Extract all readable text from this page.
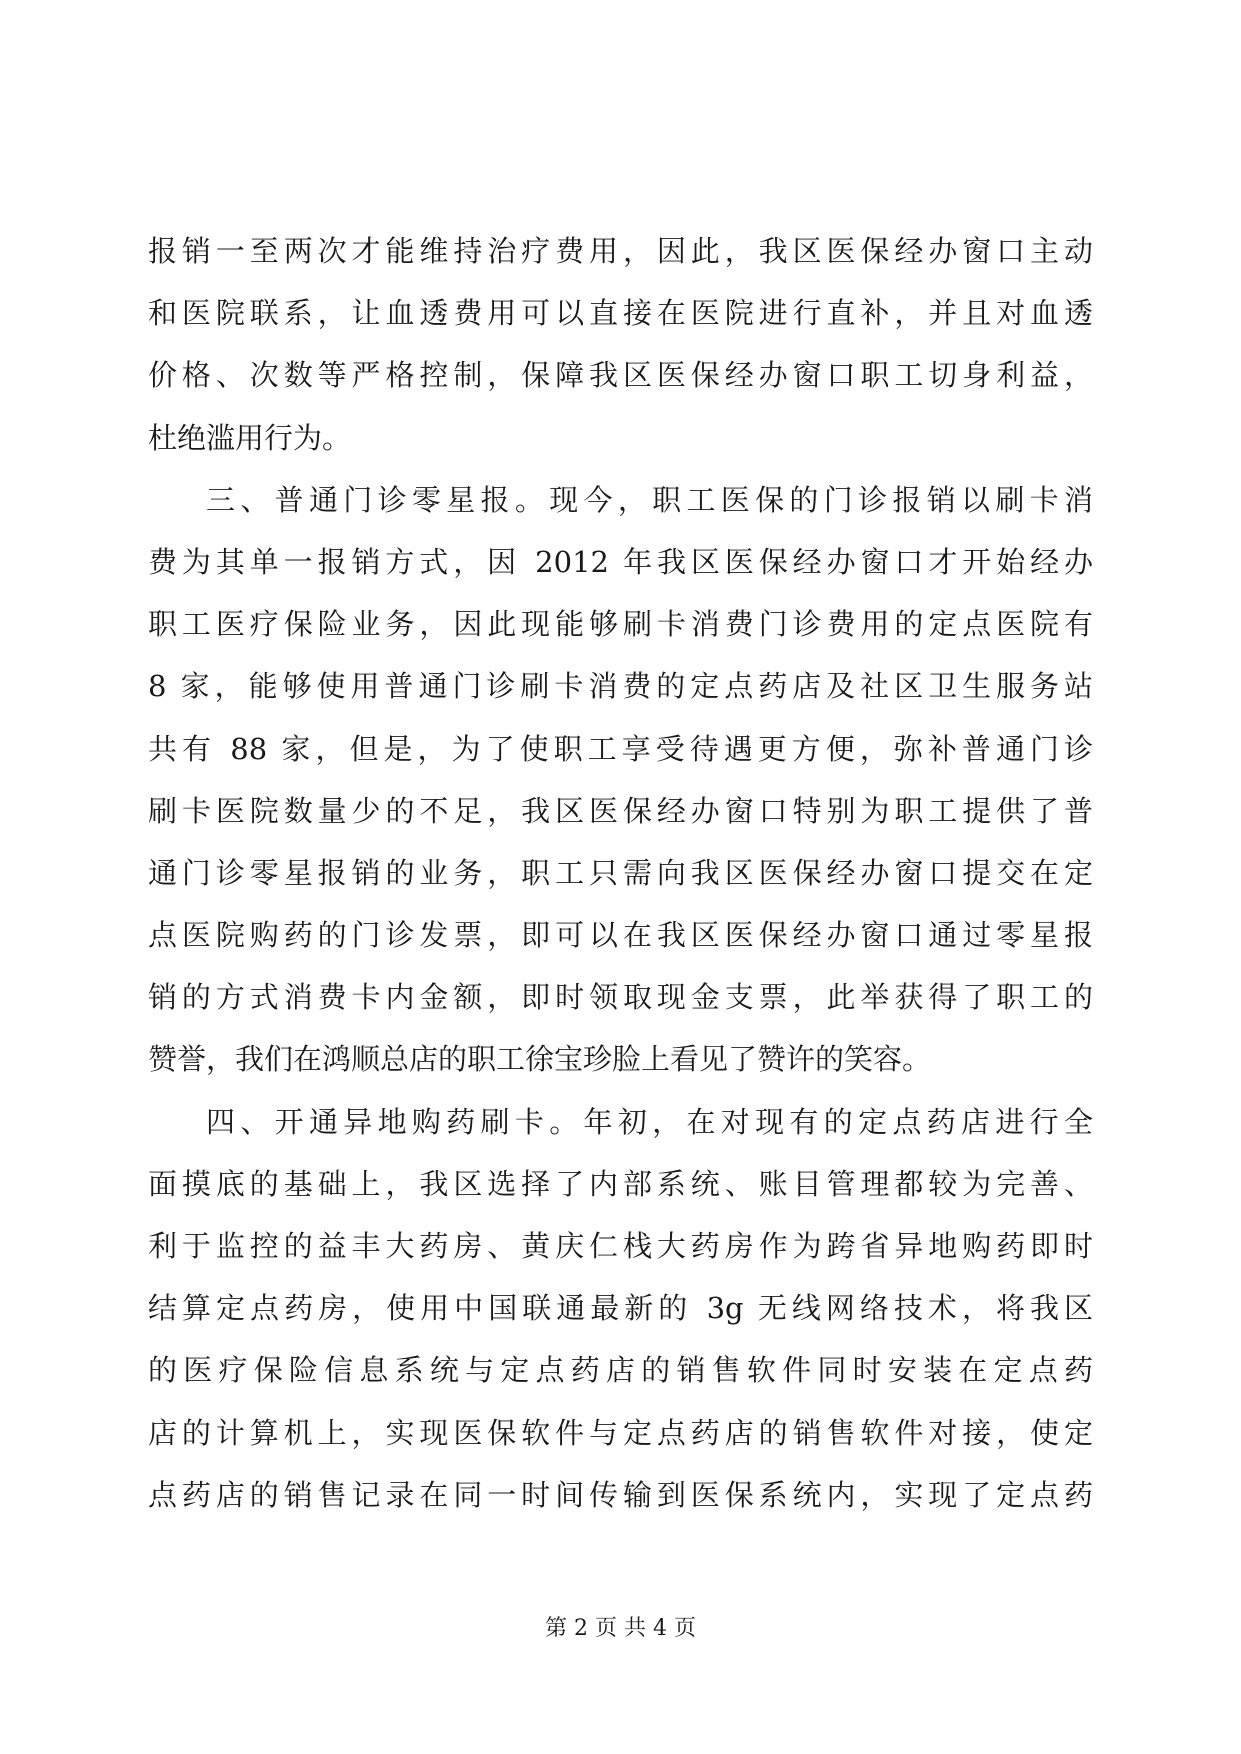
报销一至两次才能维持治疗费用，因此，我区医保经办窗口主动
和医院联系，让血透费用可以直接在医院进行直补，并且对血透
价格、次数等严格控制，保障我区医保经办窗口职工切身利益，
杜绝滥用行为。
三、普通门诊零星报。现今，职工医保的门诊报销以刷卡消
费为其单一报销方式，因 2012 年我区医保经办窗口才开始经办
职工医疗保险业务，因此现能够刷卡消费门诊费用的定点医院有
8 家，能够使用普通门诊刷卡消费的定点药店及社区卫生服务站
共有 88 家，但是，为了使职工享受待遇更方便，弥补普通门诊
刷卡医院数量少的不足，我区医保经办窗口特别为职工提供了普
通门诊零星报销的业务，职工只需向我区医保经办窗口提交在定
点医院购药的门诊发票，即可以在我区医保经办窗口通过零星报
销的方式消费卡内金额，即时领取现金支票，此举获得了职工的
赞誉，我们在鸿顺总店的职工徐宝珍脸上看见了赞许的笑容。
四、开通异地购药刷卡。年初，在对现有的定点药店进行全
面摸底的基础上，我区选择了内部系统、账目管理都较为完善、
利于监控的益丰大药房、黄庆仁栈大药房作为跨省异地购药即时
结算定点药房，使用中国联通最新的 3g 无线网络技术，将我区
的医疗保险信息系统与定点药店的销售软件同时安装在定点药
店的计算机上，实现医保软件与定点药店的销售软件对接，使定
点药店的销售记录在同一时间传输到医保系统内，实现了定点药
第 2 页 共 4 页
